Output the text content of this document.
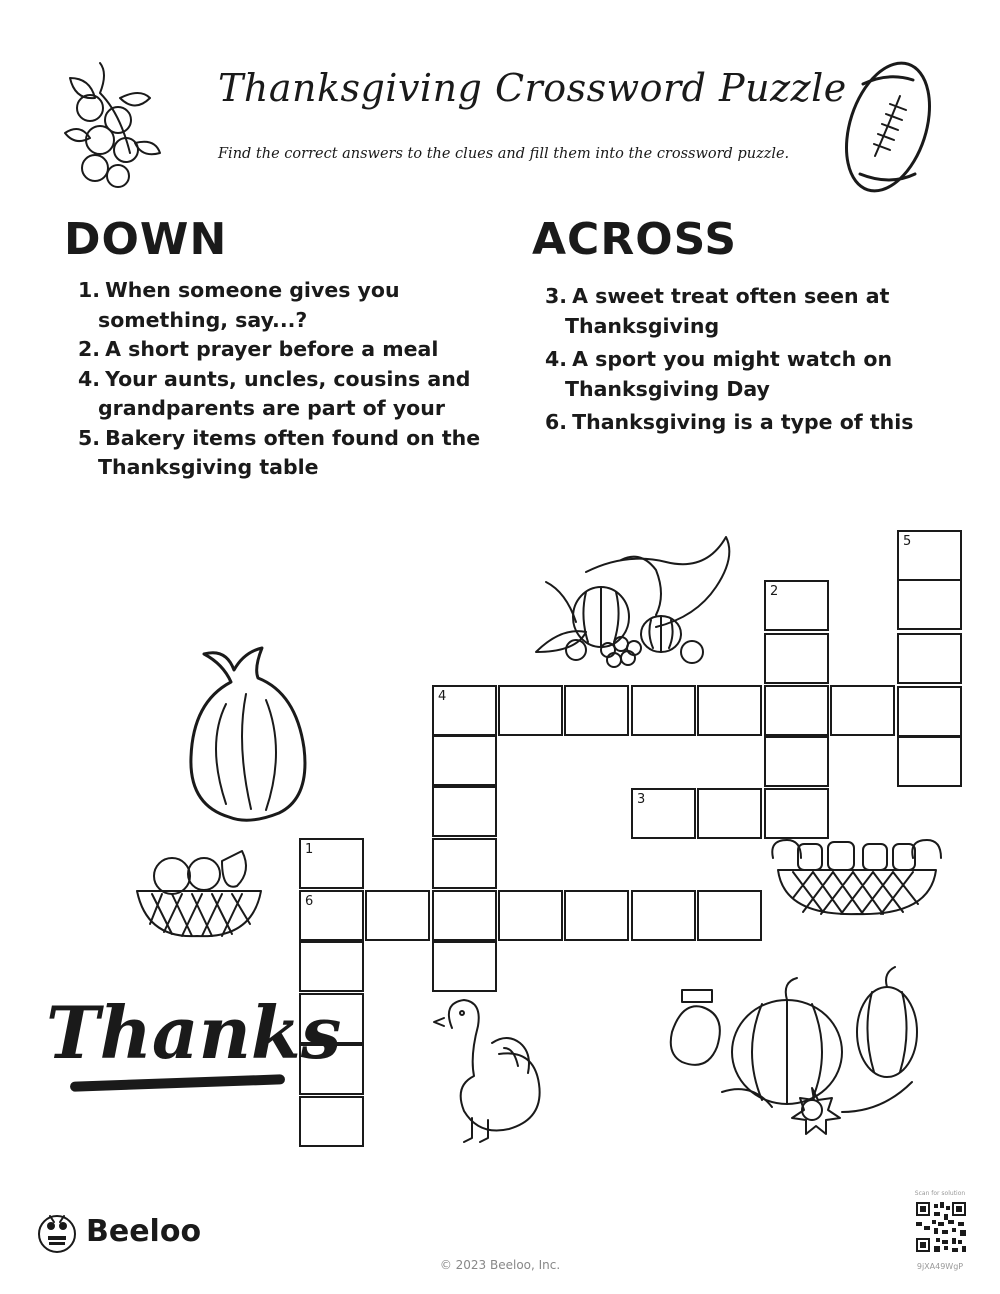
Thanksgiving Crossword Puzzle
Find the correct answers to the clues and fill them into the crossword puzzle.
DOWN	ACROSS
1. When someone gives you something, say...?
2. A short prayer before a meal
4. Your aunts, uncles, cousins and grandparents are part of your
5. Bakery items often found on the Thanksgiving table
3. A sweet treat often seen at Thanksgiving
4. A sport you might watch on Thanksgiving Day
6. Thanksgiving is a type of this
5
2
4
3
1
6
Thanks
Beeloo
© 2023 Beeloo, Inc.
Scan for solution
9jXA49WgP
